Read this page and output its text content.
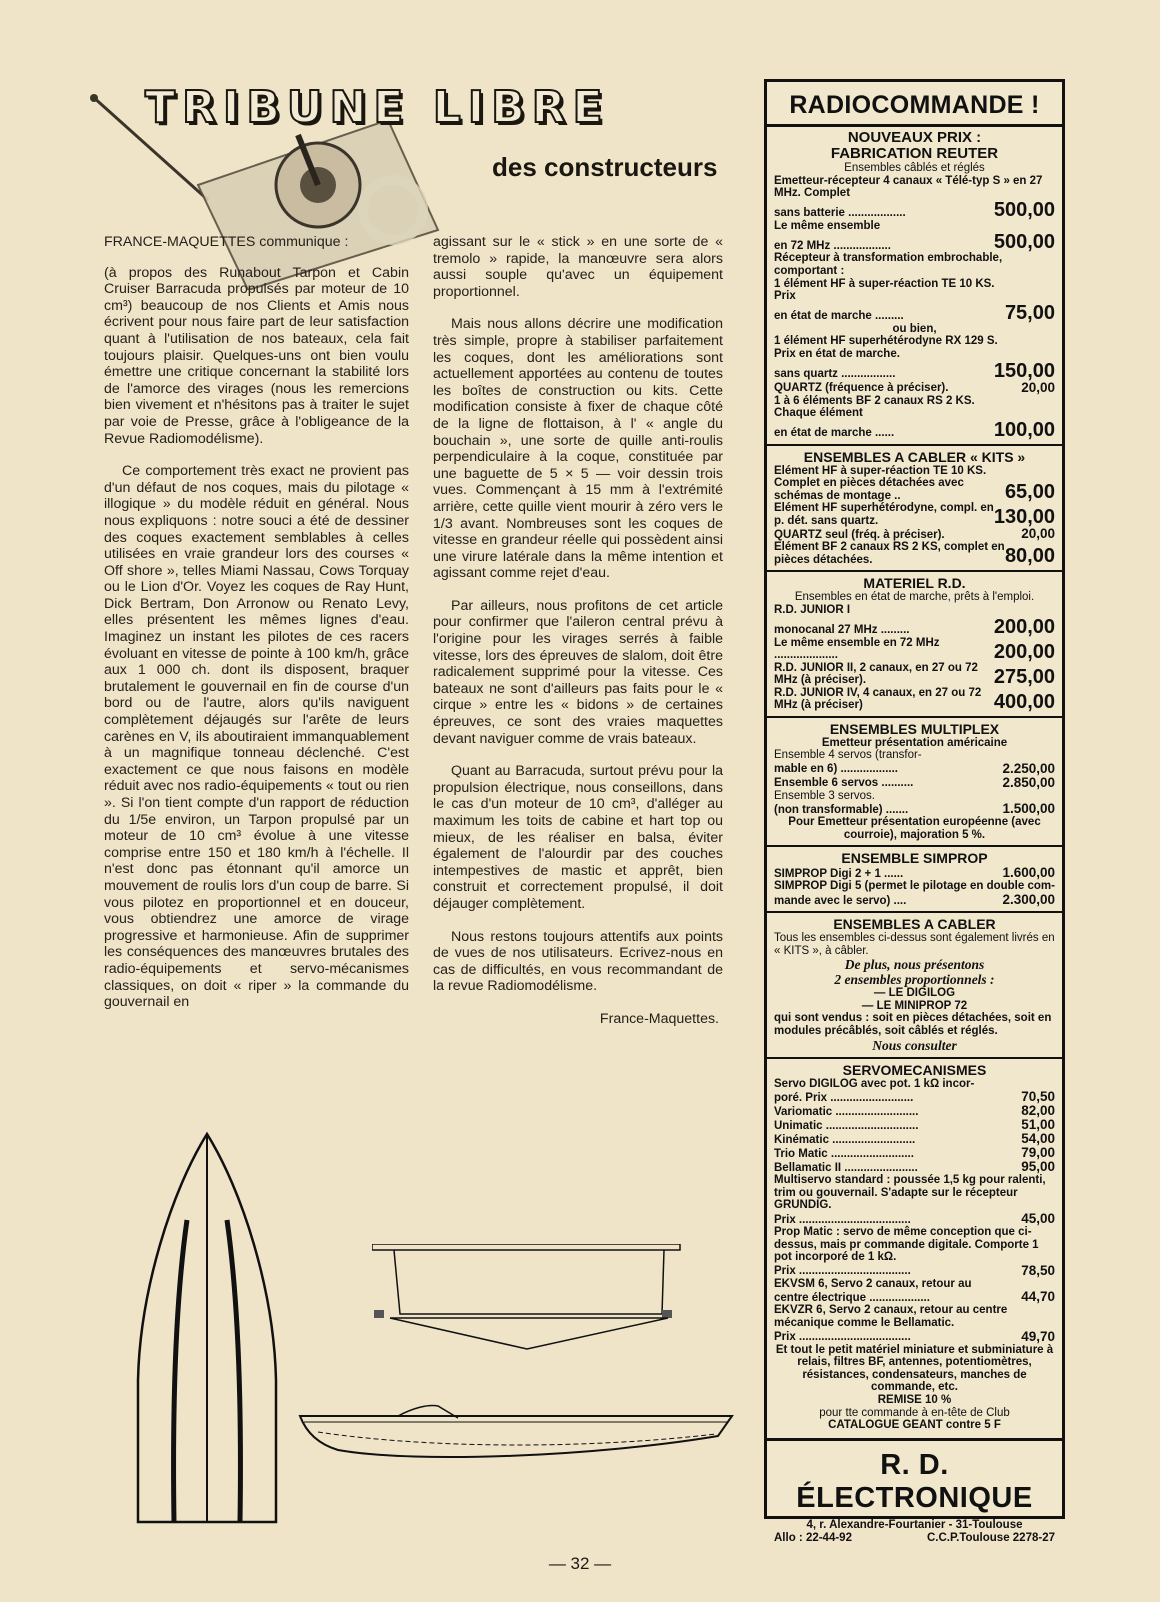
TRIBUNE LIBRE
des constructeurs

FRANCE-MAQUETTES communique :

(à propos des Runabout Tarpon et Cabin Cruiser Barracuda propulsés par moteur de 10 cm³) beaucoup de nos Clients et Amis nous écrivent pour nous faire part de leur satisfaction quant à l'utilisation de nos bateaux, cela fait toujours plaisir. Quelques-uns ont bien voulu émettre une critique concernant la stabilité lors de l'amorce des virages (nous les remercions bien vivement et n'hésitons pas à traiter le sujet par voie de Presse, grâce à l'obligeance de la Revue Radiomodélisme).

Ce comportement très exact ne provient pas d'un défaut de nos coques, mais du pilotage « illogique » du modèle réduit en général. Nous nous expliquons : notre souci a été de dessiner des coques exactement semblables à celles utilisées en vraie grandeur lors des courses « Off shore », telles Miami Nassau, Cows Torquay ou le Lion d'Or. Voyez les coques de Ray Hunt, Dick Bertram, Don Arronow ou Renato Levy, elles présentent les mêmes lignes d'eau. Imaginez un instant les pilotes de ces racers évoluant en vitesse de pointe à 100 km/h, grâce aux 1 000 ch. dont ils disposent, braquer brutalement le gouvernail en fin de course d'un bord ou de l'autre, alors qu'ils naviguent complètement déjaugés sur l'arête de leurs carènes en V, ils aboutiraient immanquablement à un magnifique tonneau déclenché. C'est exactement ce que nous faisons en modèle réduit avec nos radio-équipements « tout ou rien ». Si l'on tient compte d'un rapport de réduction du 1/5e environ, un Tarpon propulsé par un moteur de 10 cm³ évolue à une vitesse comprise entre 150 et 180 km/h à l'échelle. Il n'est donc pas étonnant qu'il amorce un mouvement de roulis lors d'un coup de barre. Si vous pilotez en proportionnel et en douceur, vous obtiendrez une amorce de virage progressive et harmonieuse. Afin de supprimer les conséquences des manœuvres brutales des radio-équipements et servo-mécanismes classiques, on doit « riper » la commande du gouvernail en

agissant sur le « stick » en une sorte de « tremolo » rapide, la manœuvre sera alors aussi souple qu'avec un équipement proportionnel.

Mais nous allons décrire une modification très simple, propre à stabiliser parfaitement les coques, dont les améliorations sont actuellement apportées au contenu de toutes les boîtes de construction ou kits. Cette modification consiste à fixer de chaque côté de la ligne de flottaison, à l' « angle du bouchain », une sorte de quille anti-roulis perpendiculaire à la coque, constituée par une baguette de 5 × 5 — voir dessin trois vues. Commençant à 15 mm à l'extrémité arrière, cette quille vient mourir à zéro vers le 1/3 avant. Nombreuses sont les coques de vitesse en grandeur réelle qui possèdent ainsi une virure latérale dans la même intention et agissant comme rejet d'eau.

Par ailleurs, nous profitons de cet article pour confirmer que l'aileron central prévu à l'origine pour les virages serrés à faible vitesse, lors des épreuves de slalom, doit être radicalement supprimé pour la vitesse. Ces bateaux ne sont d'ailleurs pas faits pour le « cirque » entre les « bidons » de certaines épreuves, ce sont des vraies maquettes devant naviguer comme de vrais bateaux.

Quant au Barracuda, surtout prévu pour la propulsion électrique, nous conseillons, dans le cas d'un moteur de 10 cm³, d'alléger au maximum les toits de cabine et hart top ou mieux, de les réaliser en balsa, éviter également de l'alourdir par des couches intempestives de mastic et apprêt, bien construit et correctement propulsé, il doit déjauger complètement.

Nous restons toujours attentifs aux points de vues de nos utilisateurs. Ecrivez-nous en cas de difficultés, en vous recommandant de la revue Radiomodélisme.

France-Maquettes.

RADIOCOMMANDE !
NOUVEAUX PRIX :
FABRICATION REUTER
Ensembles câblés et réglés
Emetteur-récepteur 4 canaux « Télé-typ S » en 27 MHz. Complet
sans batterie ..................	500,00
Le même ensemble
en 72 MHz ..................	500,00
Récepteur à transformation embrochable, comportant :
1 élément HF à super-réaction TE 10 KS.
Prix
en état de marche .........	75,00
ou bien,
1 élément HF superhétérodyne RX 129 S.
Prix en état de marche.
sans quartz .................	150,00
QUARTZ (fréquence à préciser).	20,00
1 à 6 éléments BF 2 canaux RS 2 KS.
Chaque élément
en état de marche ......	100,00
ENSEMBLES A CABLER « KITS »
Elément HF à super-réaction TE 10 KS.
Complet en pièces détachées avec schémas de montage ..	65,00
Elément HF superhétérodyne, compl. en p. dét. sans quartz.	130,00
QUARTZ seul (fréq. à préciser).	20,00
Elément BF 2 canaux RS 2 KS, complet en pièces détachées.	80,00
MATERIEL R.D.
Ensembles en état de marche, prêts à l'emploi.
R.D. JUNIOR I
monocanal 27 MHz .........	200,00
Le même ensemble en 72 MHz ....................	200,00
R.D. JUNIOR II, 2 canaux, en 27 ou 72 MHz (à préciser).	275,00
R.D. JUNIOR IV, 4 canaux, en 27 ou 72 MHz (à préciser)	400,00
ENSEMBLES MULTIPLEX
Emetteur présentation américaine
Ensemble 4 servos (transfor-
mable en 6) ..................	2.250,00
Ensemble 6 servos ..........	2.850,00
Ensemble 3 servos.
(non transformable) .......	1.500,00
Pour Emetteur présentation européenne (avec courroie), majoration 5 %.
ENSEMBLE SIMPROP
SIMPROP Digi 2 + 1 ......	1.600,00
SIMPROP Digi 5 (permet le pilotage en double com-
mande avec le servo) ....	2.300,00
ENSEMBLES A CABLER
Tous les ensembles ci-dessus sont également livrés en « KITS », à câbler.
De plus, nous présentons
2 ensembles proportionnels :
— LE DIGILOG
— LE MINIPROP 72
qui sont vendus : soit en pièces détachées, soit en modules précâblés, soit câblés et réglés.
Nous consulter
SERVOMECANISMES
Servo DIGILOG avec pot. 1 kΩ incor-
poré. Prix ..........................	70,50
Variomatic ..........................	82,00
Unimatic .............................	51,00
Kinématic ..........................	54,00
Trio Matic ..........................	79,00
Bellamatic II .......................	95,00
Multiservo standard : poussée 1,5 kg pour ralenti, trim ou gouvernail. S'adapte sur le récepteur GRUNDIG.
Prix ...................................	45,00
Prop Matic : servo de même conception que ci-dessus, mais pr commande digitale. Comporte 1 pot incorporé de 1 kΩ.
Prix ...................................	78,50
EKVSM 6, Servo 2 canaux, retour au
centre électrique ...................	44,70
EKVZR 6, Servo 2 canaux, retour au centre mécanique comme le Bellamatic.
Prix ...................................	49,70
Et tout le petit matériel miniature et subminiature à relais, filtres BF, antennes, potentiomètres, résistances, condensateurs, manches de commande, etc.
REMISE 10 %
pour tte commande à en-tête de Club
CATALOGUE GEANT contre 5 F
R. D. ÉLECTRONIQUE
4, r. Alexandre-Fourtanier - 31-Toulouse
Allo : 22-44-92	C.C.P.Toulouse 2278-27
— 32 —
